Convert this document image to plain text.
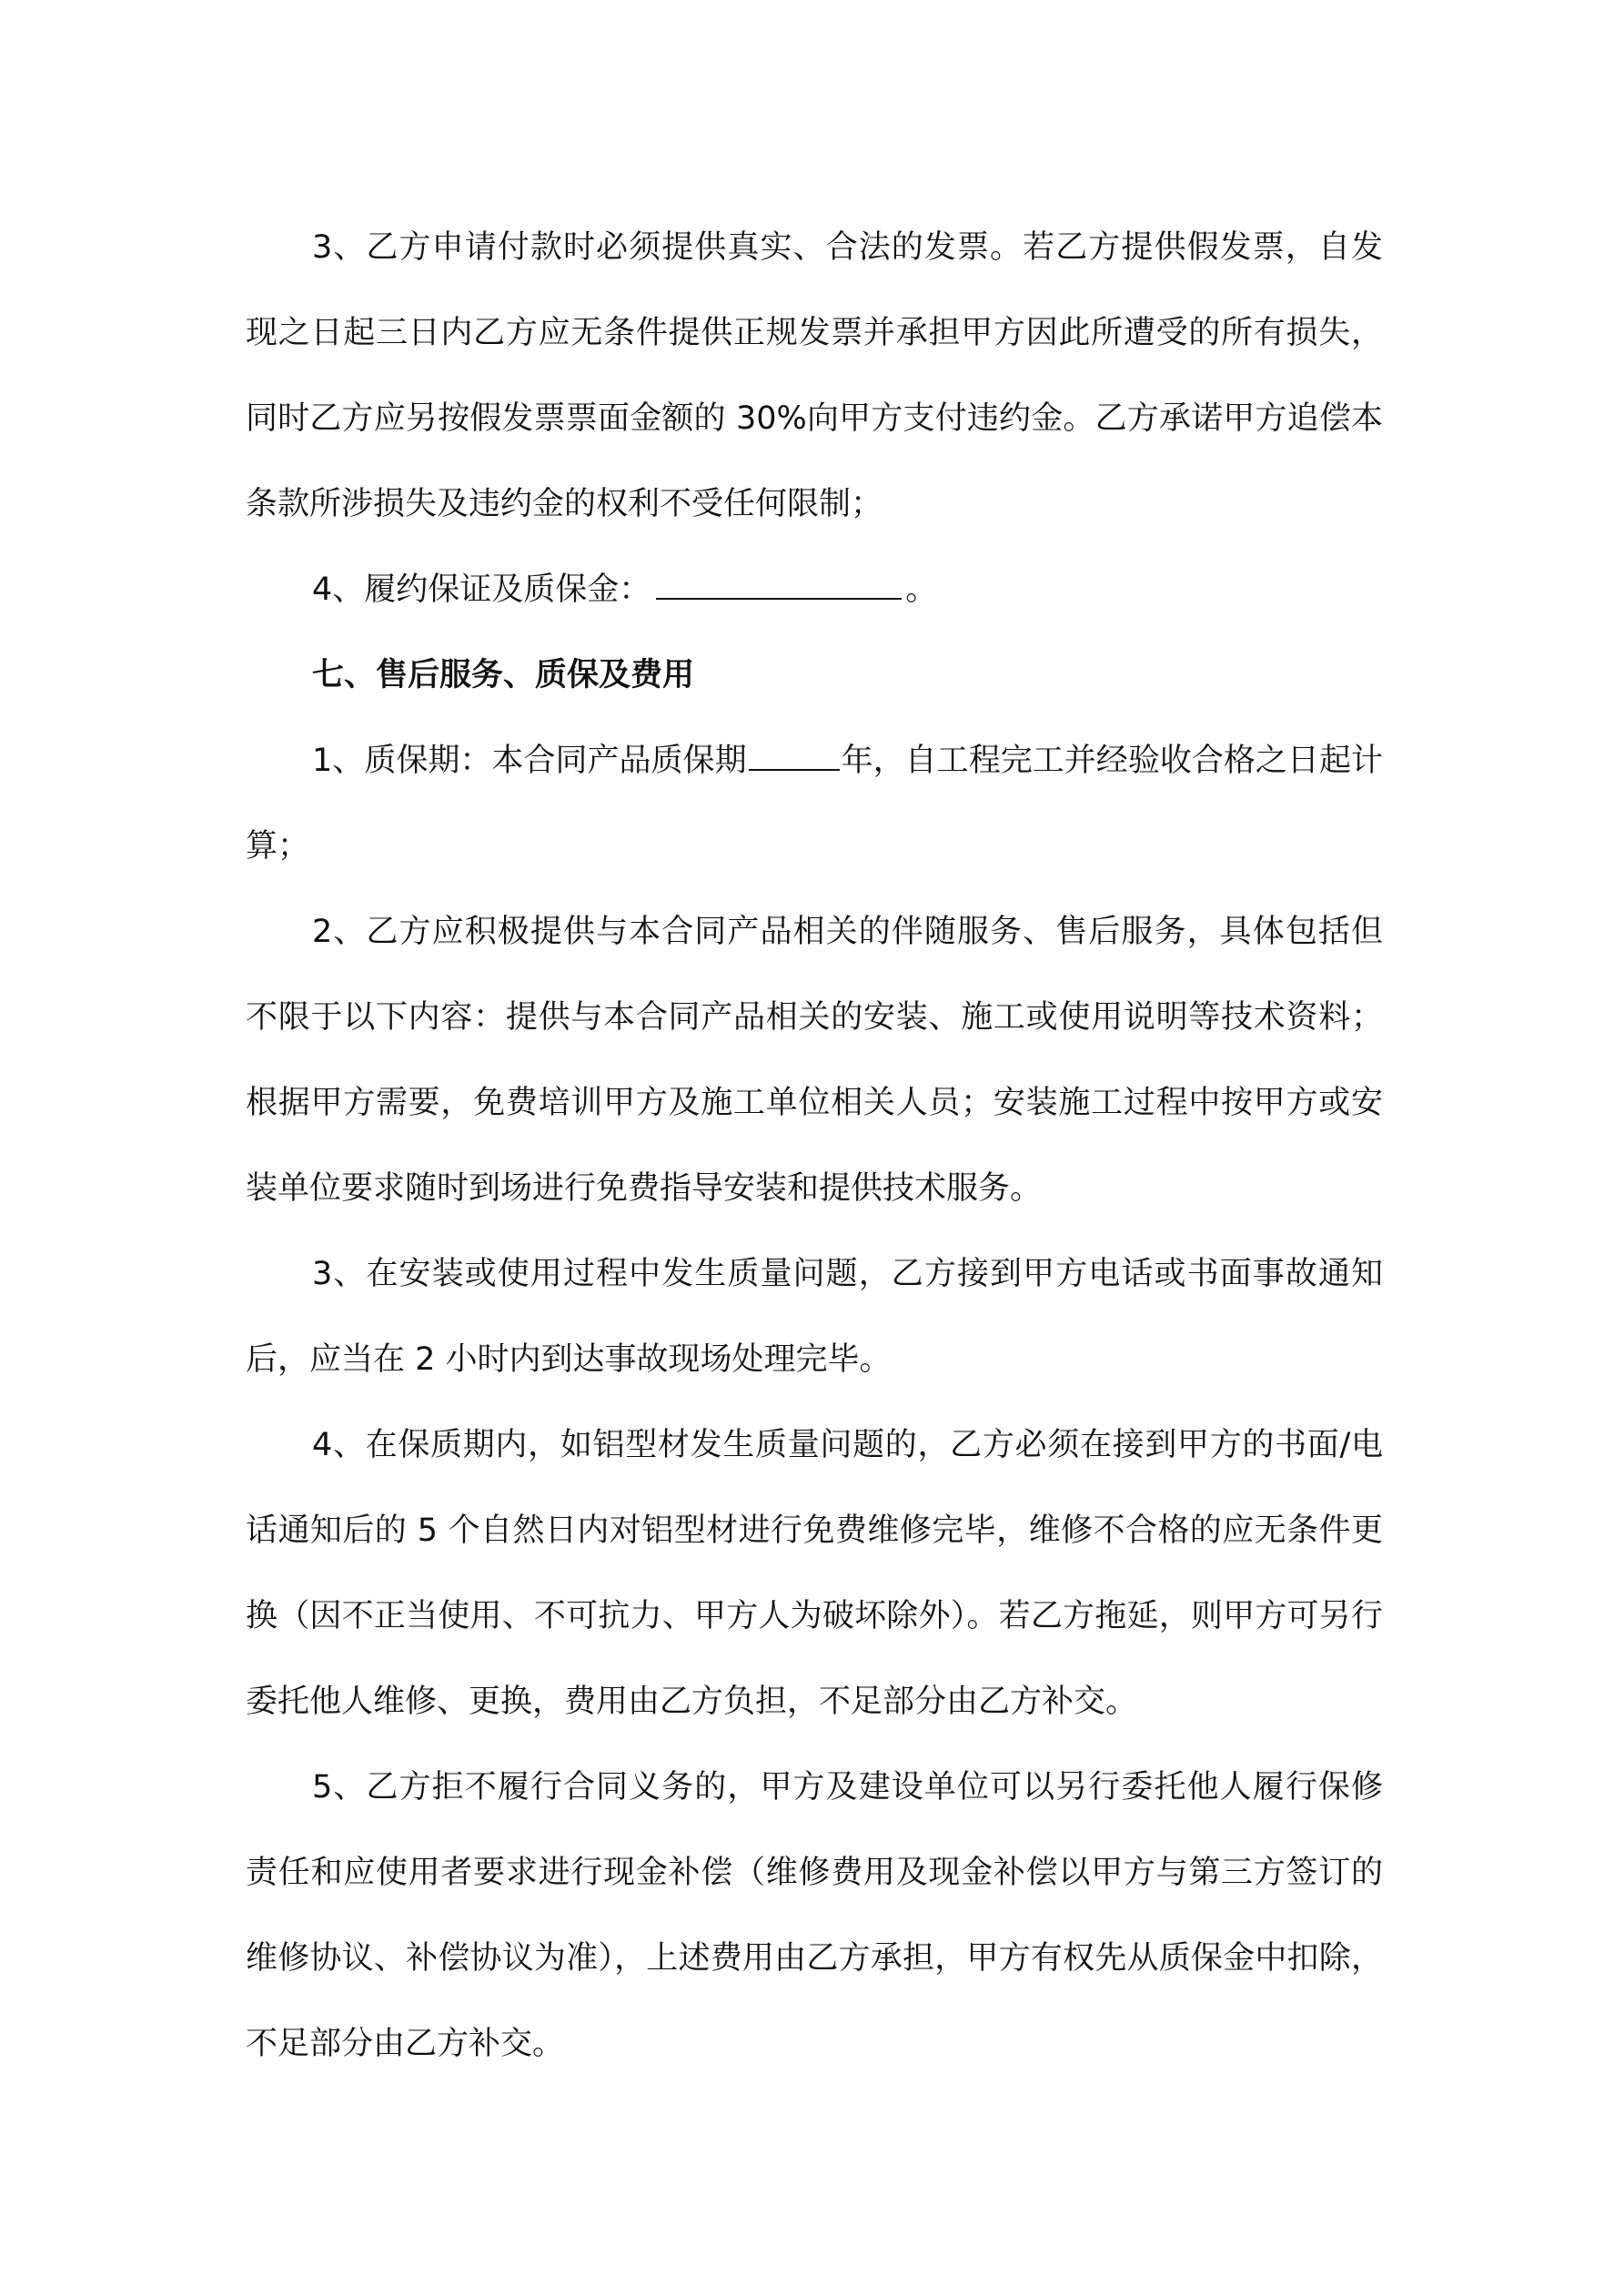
3、乙方申请付款时必须提供真实、合法的发票。若乙方提供假发票，自发现之日起三日内乙方应无条件提供正规发票并承担甲方因此所遭受的所有损失，同时乙方应另按假发票票面金额的 30%向甲方支付违约金。乙方承诺甲方追偿本条款所涉损失及违约金的权利不受任何限制；

4、履约保证及质保金：	。

七、售后服务、质保及费用

1、质保期：本合同产品质保期	年，自工程完工并经验收合格之日起计算；

2、乙方应积极提供与本合同产品相关的伴随服务、售后服务，具体包括但不限于以下内容：提供与本合同产品相关的安装、施工或使用说明等技术资料；根据甲方需要，免费培训甲方及施工单位相关人员；安装施工过程中按甲方或安装单位要求随时到场进行免费指导安装和提供技术服务。

3、在安装或使用过程中发生质量问题，乙方接到甲方电话或书面事故通知后，应当在 2 小时内到达事故现场处理完毕。

4、在保质期内，如铝型材发生质量问题的，乙方必须在接到甲方的书面/电话通知后的 5 个自然日内对铝型材进行免费维修完毕，维修不合格的应无条件更换（因不正当使用、不可抗力、甲方人为破坏除外）。若乙方拖延，则甲方可另行委托他人维修、更换，费用由乙方负担，不足部分由乙方补交。

5、乙方拒不履行合同义务的，甲方及建设单位可以另行委托他人履行保修责任和应使用者要求进行现金补偿（维修费用及现金补偿以甲方与第三方签订的维修协议、补偿协议为准），上述费用由乙方承担，甲方有权先从质保金中扣除，不足部分由乙方补交。
